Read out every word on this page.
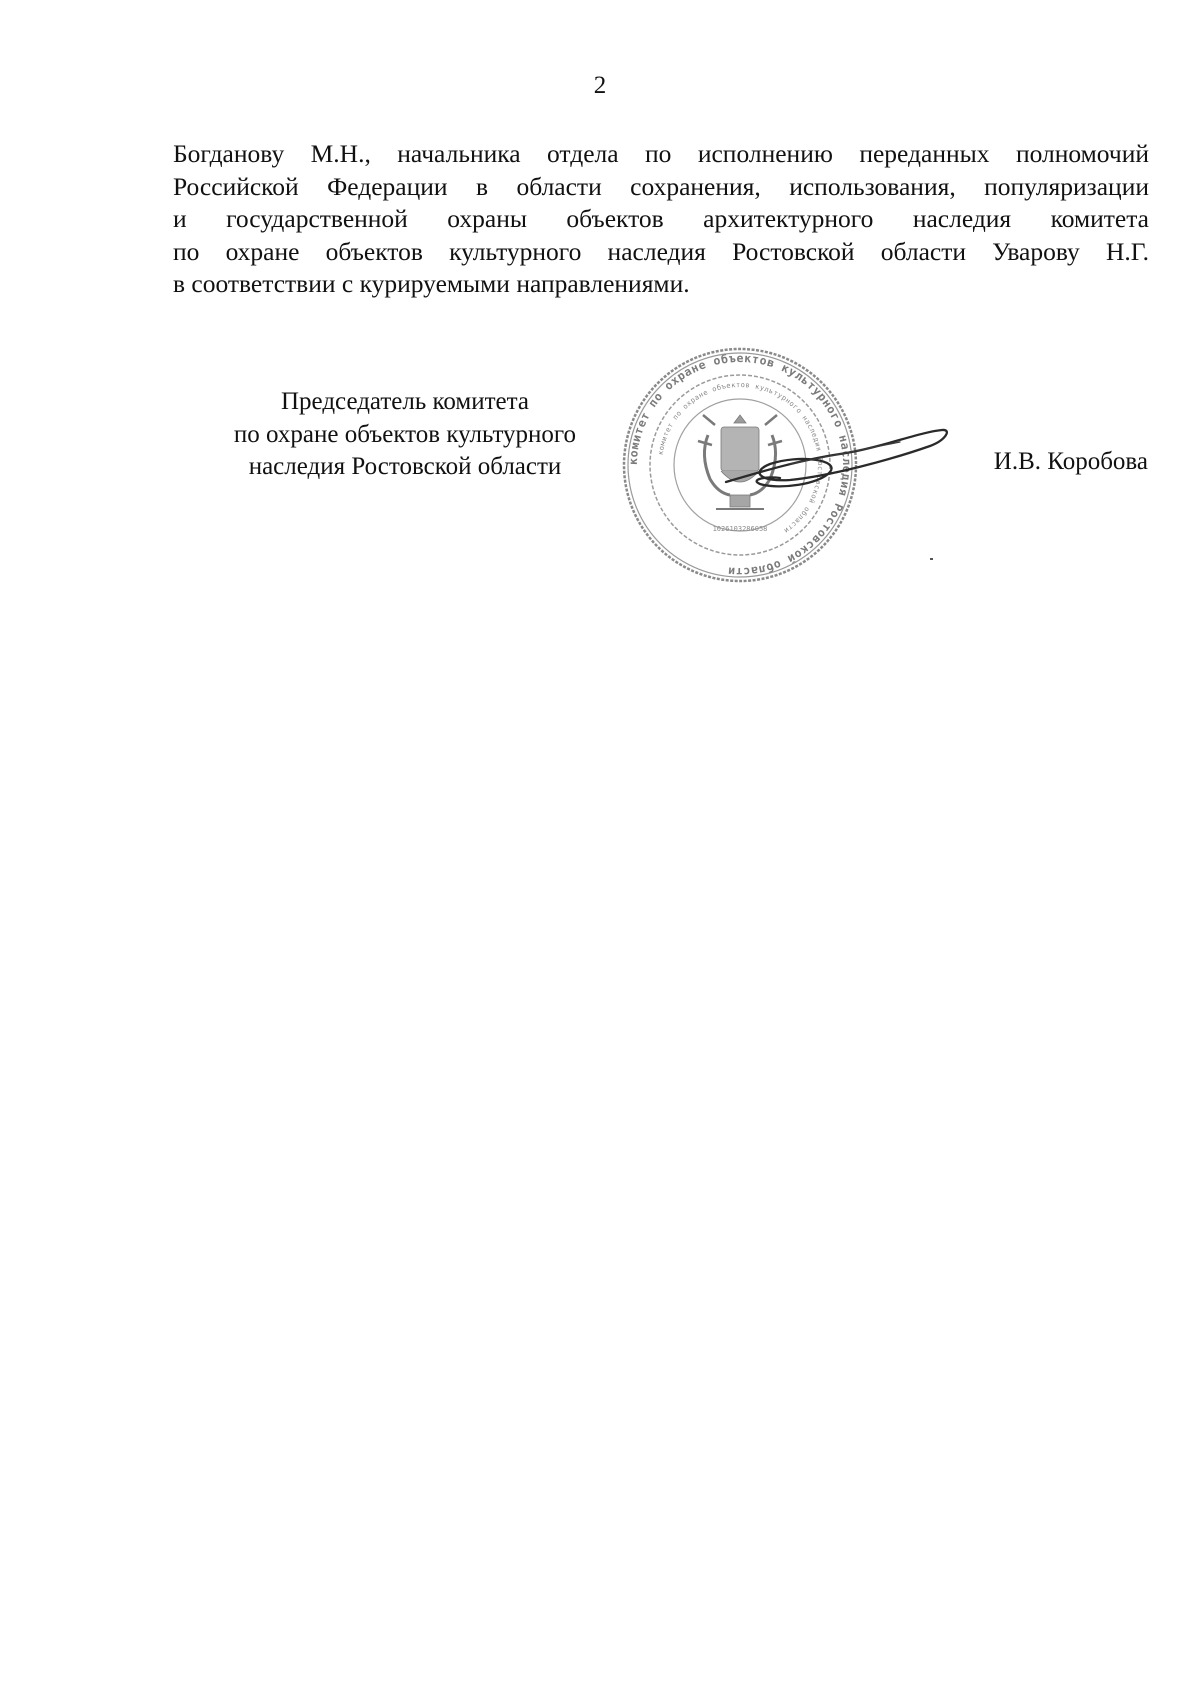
2
Богданову М.Н., начальника отдела по исполнению переданных полномочий
Российской Федерации в области сохранения, использования, популяризации
и государственной охраны объектов архитектурного наследия комитета
по охране объектов культурного наследия Ростовской области Уварову Н.Г.
в соответствии с курируемыми направлениями.
Председатель комитета
по охране объектов культурного
наследия Ростовской области	комитет по охране объектов культурного наследия Ростовской области
комитет по охране объектов культурного наследия Ростовской области
1026103286058
И.В. Коробова
